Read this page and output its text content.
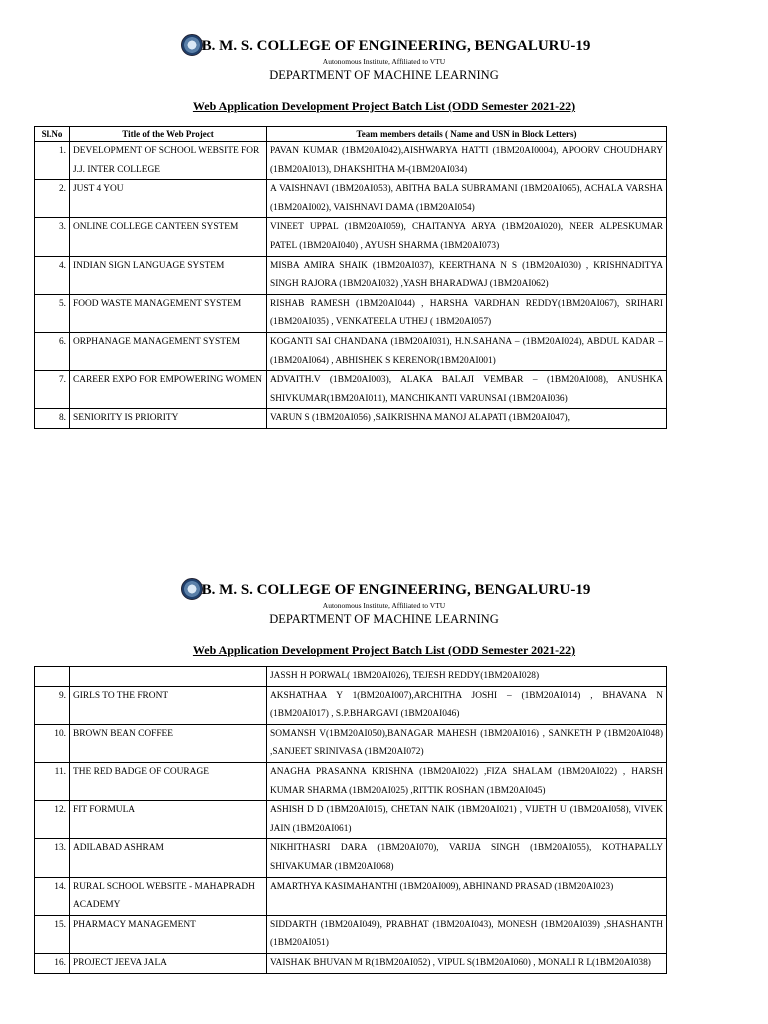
B. M. S. COLLEGE OF ENGINEERING, BENGALURU-19
Autonomous Institute, Affiliated to VTU
DEPARTMENT OF MACHINE LEARNING
Web Application Development Project Batch List (ODD Semester 2021-22)
Sl.No	Title of the Web Project	Team members details ( Name and USN in Block Letters)
1.	DEVELOPMENT OF SCHOOL WEBSITE FOR J.J. INTER COLLEGE	PAVAN KUMAR (1BM20AI042),AISHWARYA HATTI (1BM20AI0004), APOORV CHOUDHARY (1BM20AI013), DHAKSHITHA M-(1BM20AI034)
2.	JUST 4 YOU	A VAISHNAVI (1BM20AI053), ABITHA BALA SUBRAMANI (1BM20AI065), ACHALA VARSHA (1BM20AI002), VAISHNAVI DAMA (1BM20AI054)
3.	ONLINE COLLEGE CANTEEN SYSTEM	VINEET UPPAL (1BM20AI059), CHAITANYA ARYA (1BM20AI020), NEER ALPESKUMAR PATEL (1BM20AI040) , AYUSH SHARMA (1BM20AI073)
4.	INDIAN SIGN LANGUAGE SYSTEM	MISBA AMIRA SHAIK (1BM20AI037), KEERTHANA N S (1BM20AI030) , KRISHNADITYA SINGH RAJORA (1BM20AI032) ,YASH BHARADWAJ (1BM20AI062)
5.	FOOD WASTE MANAGEMENT SYSTEM	RISHAB RAMESH (1BM20AI044) , HARSHA VARDHAN REDDY(1BM20AI067), SRIHARI (1BM20AI035) , VENKATEELA UTHEJ ( 1BM20AI057)
6.	ORPHANAGE MANAGEMENT SYSTEM	KOGANTI SAI CHANDANA (1BM20AI031), H.N.SAHANA – (1BM20AI024), ABDUL KADAR – (1BM20AI064) , ABHISHEK S KERENOR(1BM20AI001)
7.	CAREER EXPO FOR EMPOWERING WOMEN	ADVAITH.V (1BM20AI003), ALAKA BALAJI VEMBAR – (1BM20AI008), ANUSHKA SHIVKUMAR(1BM20AI011), MANCHIKANTI VARUNSAI (1BM20AI036)
8.	SENIORITY IS PRIORITY	VARUN S (1BM20AI056) ,SAIKRISHNA MANOJ ALAPATI (1BM20AI047),
B. M. S. COLLEGE OF ENGINEERING, BENGALURU-19
Autonomous Institute, Affiliated to VTU
DEPARTMENT OF MACHINE LEARNING
Web Application Development Project Batch List (ODD Semester 2021-22)
		JASSH H PORWAL( 1BM20AI026), TEJESH REDDY(1BM20AI028)
9.	GIRLS TO THE FRONT	AKSHATHAA Y 1(BM20AI007),ARCHITHA JOSHI – (1BM20AI014) , BHAVANA N (1BM20AI017) , S.P.BHARGAVI (1BM20AI046)
10.	BROWN BEAN COFFEE	SOMANSH V(1BM20AI050),BANAGAR MAHESH (1BM20AI016) , SANKETH P (1BM20AI048) ,SANJEET SRINIVASA (1BM20AI072)
11.	THE RED BADGE OF COURAGE	ANAGHA PRASANNA KRISHNA (1BM20AI022) ,FIZA SHALAM (1BM20AI022) , HARSH KUMAR SHARMA (1BM20AI025) ,RITTIK ROSHAN (1BM20AI045)
12.	FIT FORMULA	ASHISH D D (1BM20AI015), CHETAN NAIK (1BM20AI021) , VIJETH U (1BM20AI058), VIVEK JAIN (1BM20AI061)
13.	ADILABAD ASHRAM	NIKHITHASRI DARA (1BM20AI070), VARIJA SINGH (1BM20AI055), KOTHAPALLY SHIVAKUMAR (1BM20AI068)
14.	RURAL SCHOOL WEBSITE - MAHAPRADH ACADEMY	AMARTHYA KASIMAHANTHI (1BM20AI009), ABHINAND PRASAD (1BM20AI023)
15.	PHARMACY MANAGEMENT	SIDDARTH (1BM20AI049), PRABHAT (1BM20AI043), MONESH (1BM20AI039) ,SHASHANTH (1BM20AI051)
16.	PROJECT JEEVA JALA	VAISHAK BHUVAN M R(1BM20AI052) , VIPUL S(1BM20AI060) , MONALI R L(1BM20AI038)
